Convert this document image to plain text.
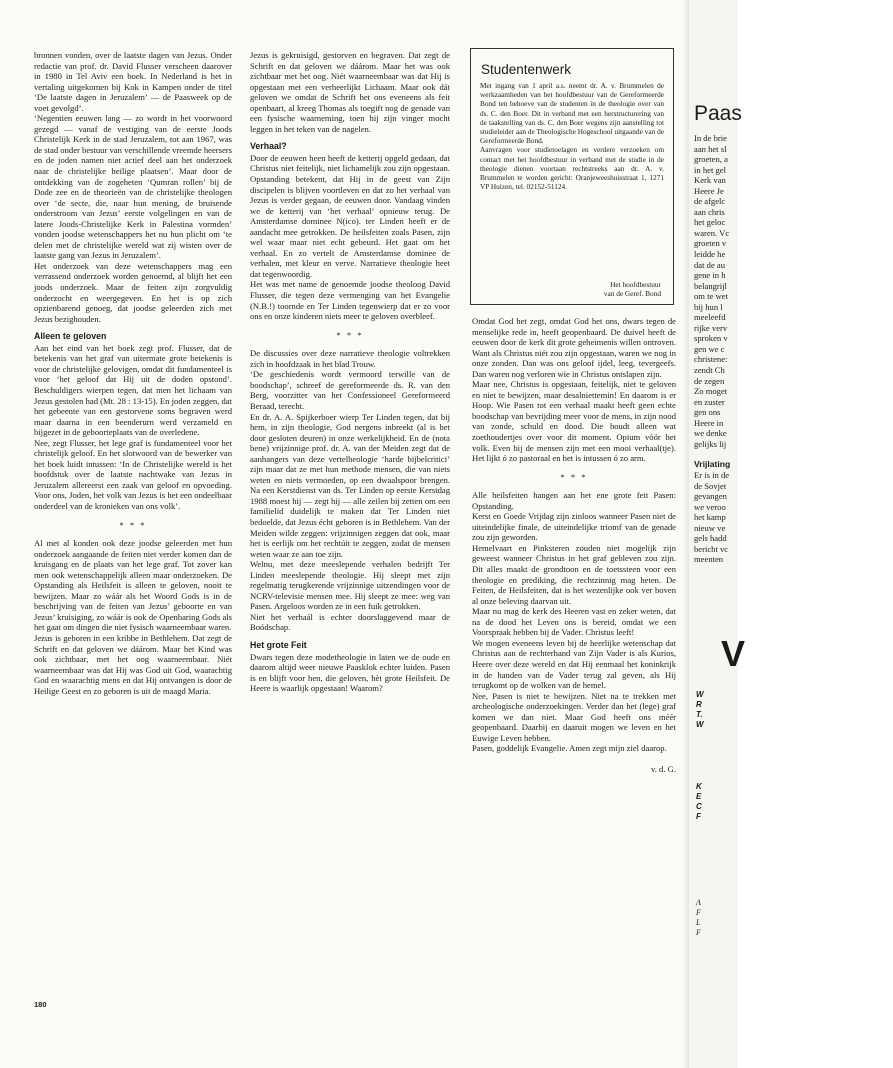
bronnen vonden, over de laatste dagen van Jezus. Onder redactie van prof. dr. David Flusser verscheen daarover in 1980 in Tel Aviv een boek. In Nederland is het in vertaling uitgekomen bij Kok in Kampen onder de titel ‘De laatste dagen in Jeruzalem’ — de Paasweek op de voet gevolgd’.

‘Negentien eeuwen lang — zo wordt in het voorwoord gezegd — vanaf de vestiging van de eerste Joods Christelijk Kerk in de stad Jeruzalem, tot aan 1967, was de stad onder bestuur van verschillende vreemde heersers en de joden namen niet actief deel aan het onderzoek naar de christelijke heilige plaatsen’. Maar door de ontdekking van de zogeheten ‘Qumran rollen’ bij de Dode zee en de theorieën van de christelijke theologen over ‘de secte, die, naar hun mening, de bruisende onderstroom van Jezus’ eerste volgelingen en van de latere Joods-Christelijke Kerk in Palestina vormden’ vonden joodse wetenschappers het nu hun plicht om ‘te delen met de christelijke wereld wat zij wisten over de laatste gang van Jezus in Jeruzalem’.

Het onderzoek van deze wetenschappers mag een verrassend onderzoek worden genoemd, al blijft het een joods onderzoek. Maar de feiten zijn zorgvuldig onderzocht en weergegeven. En het is op zich opzienbarend genoeg, dat joodse geleerden zich met Jezus bezighouden.

Alleen te geloven

Aan het eind van het boek zegt prof. Flusser, dat de betekenis van het graf van uitermate grote betekenis is voor de christelijke gelovigen, omdat dit fundamenteel is voor ‘het geloof dat Hij uit de doden opstond’. Beschuldigers wierpen tegen, dat men het lichaam van Jezus gestolen had (Mt. 28 : 13-15). En joden zeggen, dat het gebeente van een gestorvene soms begraven werd maar daarna in een beenderurn werd verzameld en bijgezet in de geboorteplaats van de overledene.

Nee, zegt Flusser, het lege graf is fundamenteel voor het christelijk geloof. En het slotwoord van de bewerker van het boek luidt intussen: ‘In de Christelijke wereld is het hoofdstuk over de laatste nachtwake van Jezus in Jeruzalem allereerst een zaak van geloof en opvoeding. Voor ons, Joden, het volk van Jezus is het een ondeelbaar onderdeel van de kronieken van ons volk’.

* * *

Al met al konden ook deze joodse geleerden met hun onderzoek aangaande de feiten niet verder komen dan de kruisgang en de plaats van het lege graf. Tot zover kan men ook wetenschappelijk alleen maar onderzoeken. De Opstanding als Heilsfeit is alleen te geloven, nooit te bewijzen. Maar zo wáár als het Woord Gods is in de beschrijving van de feiten van Jezus’ geboorte en van Jezus’ kruisiging, zo wáár is ook de Openbaring Gods als het gaat om dingen die niet fysisch waarneembaar waren.

Jezus is geboren in een kribbe in Bethlehem. Dat zegt de Schrift en dat geloven we dáárom. Maar het Kind was ook zichtbaar, met het oog waarneembaar. Niét waarneembaar was dat Hij was God uit God, waarachtig God en waarachtig mens en dat Hij ontvangen is door de Heilige Geest en zo geboren is uit de maagd Maria.

Jezus is gekruisigd, gestorven en begraven. Dat zegt de Schrift en dat geloven we dáárom. Maar het was ook zichtbaar met het oog. Niét waarneembaar was dat Hij is opgestaan met een verheerlijkt Lichaam. Maar ook dát geloven we omdat de Schrift het ons eveneens als feit openbaart, al kreeg Thomas als toegift nog de genade van een fysische waarneming, toen hij zijn vinger mocht leggen in het teken van de nagelen.

Verhaal?

Door de eeuwen heen heeft de ketterij opgeld gedaan, dat Christus niet feitelijk, niet lichamelijk zou zijn opgestaan. Opstanding betekent, dat Hij in de geest van Zijn discipelen is blijven voortleven en dat zo het verhaal van Jezus is verder gegaan, de eeuwen door. Vandaag vinden we de ketterij van ‘het verhaal’ opnieuw terug. De Amsterdamse dominee N(ico). ter Linden heeft er de aandacht mee getrokken. De heilsfeiten zoals Pasen, zijn wel waar maar niet echt gebeurd. Het gaat om het verhaal. En zo vertelt de Amsterdamse dominee de verhalen, met kleur en verve. Narratieve theologie heet dat tegenwoordig.

Het was met name de genoemde joodse theoloog David Flusser, die tegen deze vermenging van het Evangelie (N.B.!) toornde en Ter Linden tegenwierp dat er zo voor ons en onze kinderen niets meer te geloven overbleef.

* * *

De discussies over deze narratieve theologie voltrekken zich in hoofdzaak in het blad Trouw.

‘De geschiedenis wordt vermoord terwille van de boodschap’, schreef de gereformeerde ds. R. van den Berg, voorzitter van het Confessioneel Gereformeerd Beraad, terecht.

En dr. A. A. Spijkerboer wierp Ter Linden tegen, dat bij hem, in zijn theologie, God nergens inbreekt (al is het door gesloten deuren) in onze werkelijkheid. En de (nota bene) vrijzinnige prof. dr. A. van der Meiden zegt dat de aanhangers van deze vertelheologie ‘harde bijbelcritici’ zijn maar dat ze met hun methode mensen, die van niets weten en niets vermoeden, op een dwaalspoor brengen. Na een Kerstdienst van ds. Ter Linden op eerste Kerstdag 1988 moest hij — zegt hij — alle zeilen bij zetten om een familielid duidelijk te maken dat Ter Linden niet bedoelde, dat Jezus écht geboren is in Bethlehem. Van der Meiden wilde zeggen: vrijzinnigen zeggen dat ook, maar het is eerlijk om het rechtúit te zeggen, zodat de mensen weten waar ze aan toe zijn.

Welnu, met deze meeslepende verhalen bedrijft Ter Linden meeslepende theologie. Hij sleept met zijn regelmatig terugkerende vrijzinnige uitzendingen voor de NCRV-televisie mensen mee. Hij sleept ze mee: weg van Pasen. Argeloos worden ze in een fuik getrokken.

Niet het verhaál is echter doorslaggevend maar de Boódschap.

Het grote Feit

Dwars tegen deze modetheologie in laten we de oude en daarom altijd weer nieuwe Paasklok echter luiden. Pasen is en blijft voor hen, die geloven, hèt grote Heilsfeit. De Heere is waarlijk opgestaan! Waarom?

Studentenwerk

Met ingang van 1 april a.s. neemt dr. A. v. Brummelen de werkzaamheden van het hoofdbestuur van de Gereformeerde Bond ten behoeve van de studenten in de theologie over van ds. C. den Boer. Dit in verband met een herstructurering van de taakstelling van ds. C. den Boer wegens zijn aanstelling tot studieleider aan de Theologische Hogeschool uitgaande van de Gereformeerde Bond.

Aanvragen voor studietoelagen en verdere verzoeken om contact met het hoofdbestuur in verband met de studie in de theologie dienen voortaan rechtstreeks aan dr. A. v. Brummelen te worden gericht: Oranjeweeshuisstraat 1, 1271 VP Huizen, tel. 02152-51124.

Het hoofdbestuur
van de Geref. Bond

Omdat God het zegt, omdat God het ons, dwars tegen de menselijke rede in, heeft geopenbaard. De duivel heeft de eeuwen door de kerk dit grote geheimenis willen ontroven. Want als Christus niét zou zijn opgestaan, waren we nog in onze zonden. Dan was ons geloof ijdel, leeg, tevergeefs. Dan waren nog verloren wie in Christus ontslapen zijn.

Maar nee, Christus is opgestaan, feitelijk, niet te geloven en niet te bewijzen, maar desalniettemin! En daarom is er Hoop. Wie Pasen tot een verhaal maakt heeft geen echte boodschap van bevrijding meer voor de mens, in zijn nood van zonde, schuld en dood. Die houdt alleen wat zoethoudertjes over voor dit moment. Opium vóór het volk. Even bij de mensen zijn met een mooi verhaal(tje). Het lijkt ó zo pastoraal en het is intussen ó zo arm.

* * *

Alle heilsfeiten hangen aan het ene grote feit Pasen: Opstanding.

Kerst en Goede Vrijdag zijn zinloos wanneer Pasen niet de uiteindelijke finale, de uiteindelijke triomf van de genade zou zijn geworden.

Hemelvaart en Pinksteren zouden niet mogelijk zijn geweest wanneer Christus in het graf gebleven zou zijn. Dit alles maakt de grondtoon en de toetssteen voor een theologie en prediking, die rechtzinnig mag heten. De Feiten, de Heilsfeiten, dat is het wezenlijke ook ver boven al onze beleving daarvan uit.

Maar nu mag de kerk des Heeren vast en zeker weten, dat na de dood het Leven ons is bereid, omdat we een Voorspraak hebben bij de Vader. Christus leeft!

We mogen eveneens leven bij de heerlijke wetenschap dat Christus aan de rechterhand van Zijn Vader is als Kurios, Heere over deze wereld en dat Hij eenmaal het koninkrijk in de handen van de Vader terug zal geven, als Hij terugkomt op de wolken van de hemel.

Nee, Pasen is niet te bewijzen. Niet na te trekken met archeologische onderzoekingen. Verder dan het (lege) graf komen we dan niet. Maar God heeft ons méér geopenbaard. Daarbij en daaruit mogen we leven en het Euwige Leven hebben.

Pasen, goddelijk Evangelie. Amen zegt mijn ziel daarop.

v. d. G.
180
Paas
In de brie
aan het sl
groeten, a
in het gel
Kerk van
Heere Je
de afgelc
aan chris
het geloc
waren. Vc
groeten v
leidde he
dat de au
gene in h
belangrijl
om te wet
bij hun l
meeleefd
rijke verv
sproken v
gen we c
christene:
zendt Ch
de zegen
Zo moget
en zuster
gen ons
Heere in
we denke
gelijks lij
Vrijlating
Er is in de
de Sovjet
gevangen
we veroo
het kamp
nieuw ve
gels hadd
bericht vc
meenten
V
W
R
T.
W
K
E
C
F
A
F
L
F
